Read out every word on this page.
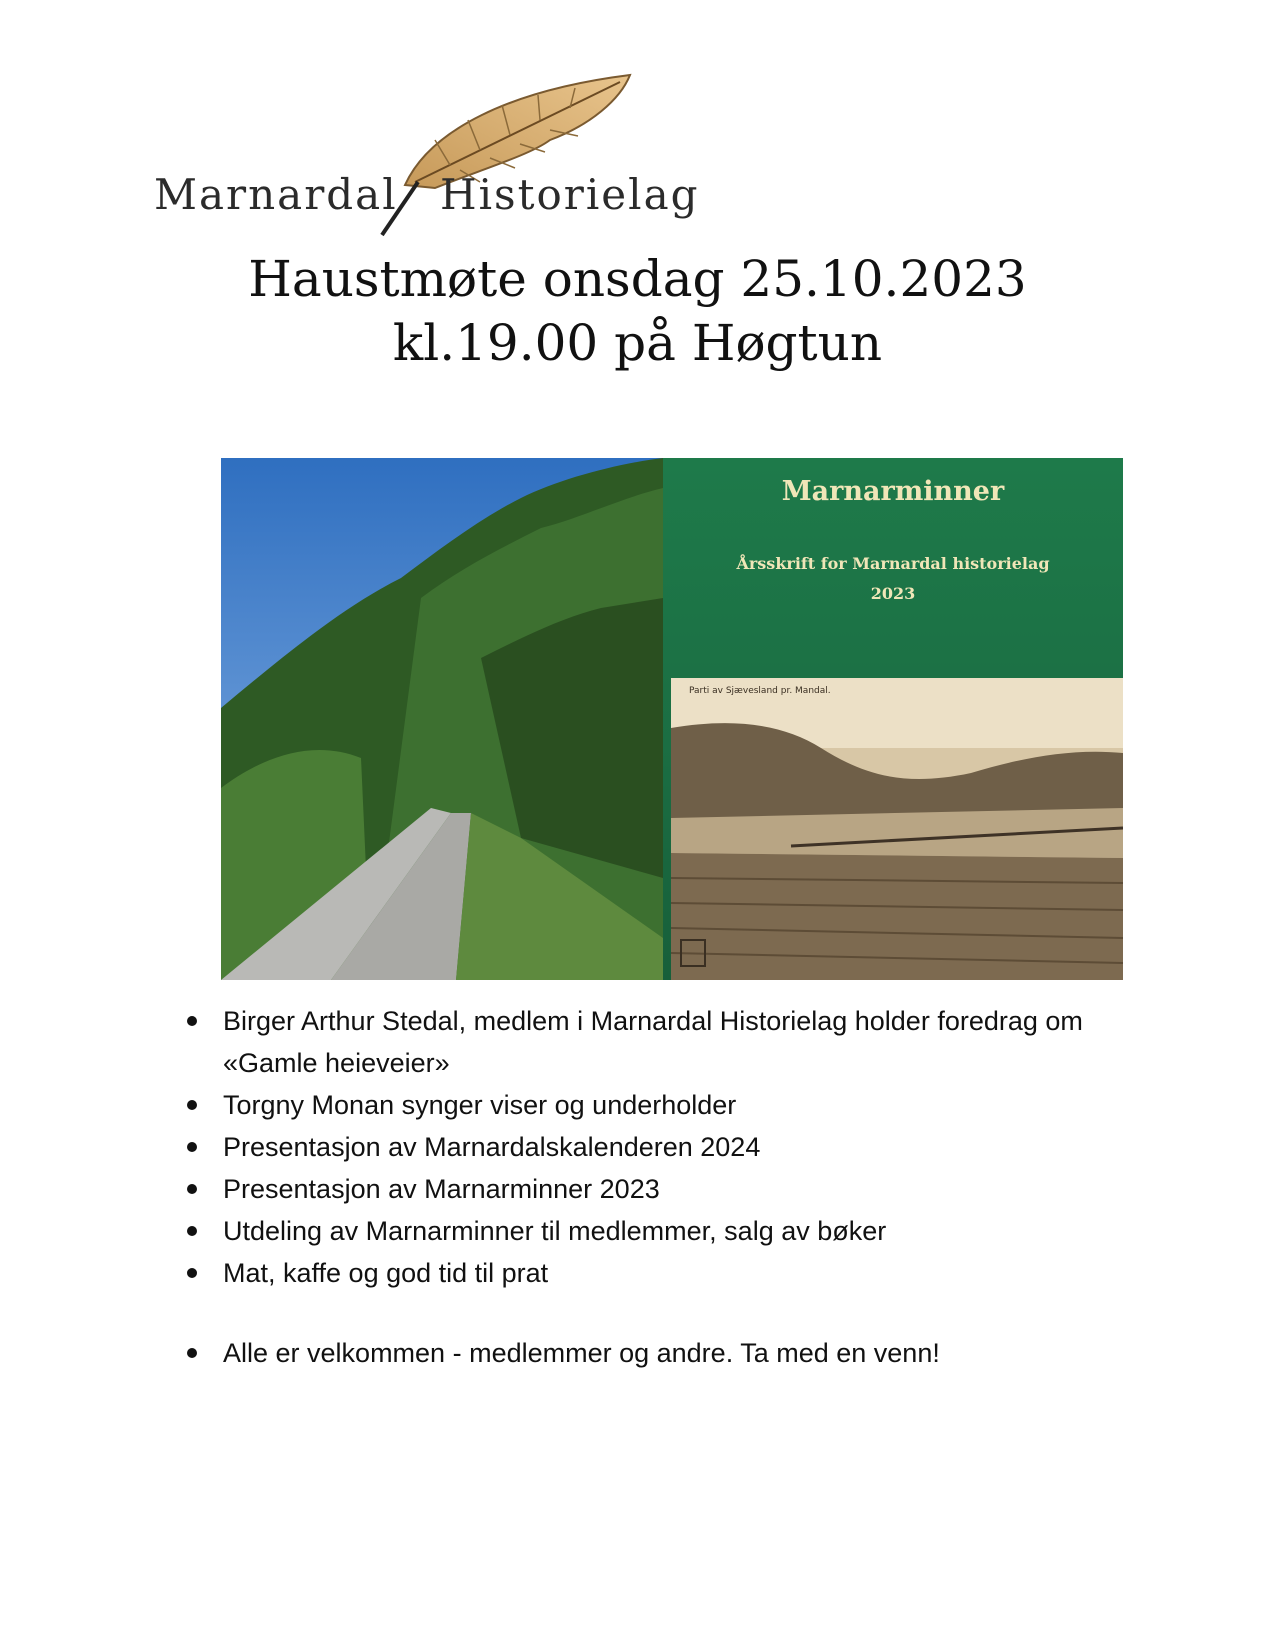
Marnardal Historielag
Haustmøte onsdag 25.10.2023
kl.19.00 på Høgtun
Marnarminner
Årsskrift for Marnardal historielag
2023
Parti av Sjævesland pr. Mandal.
Birger Arthur Stedal, medlem i Marnardal Historielag holder foredrag om «Gamle heieveier»
Torgny Monan synger viser og underholder
Presentasjon av Marnardalskalenderen 2024
Presentasjon av Marnarminner 2023
Utdeling av Marnarminner til medlemmer, salg av bøker
Mat, kaffe og god tid til prat
Alle er velkommen - medlemmer og andre. Ta med en venn!
